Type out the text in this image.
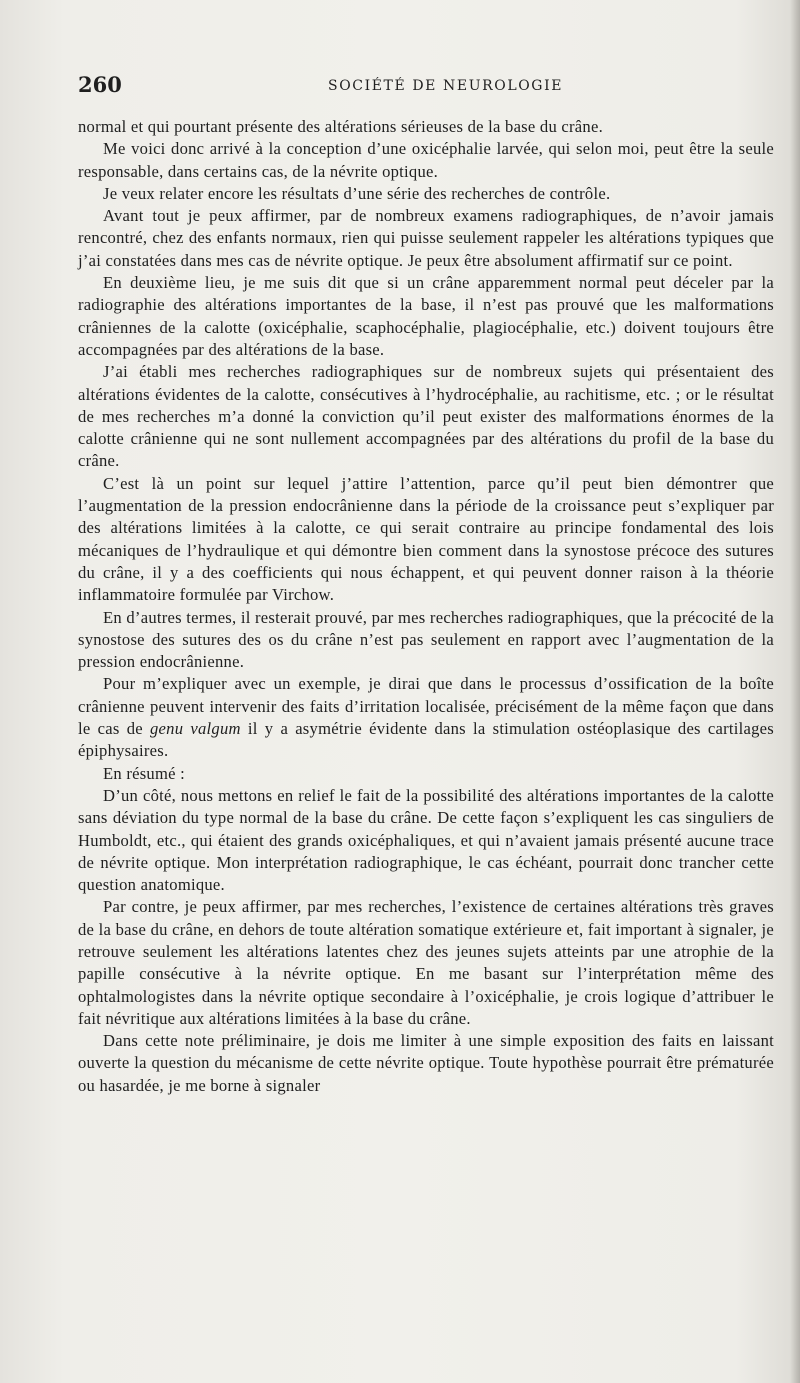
260	SOCIÉTÉ DE NEUROLOGIE

normal et qui pourtant présente des altérations sérieuses de la base du crâne.

Me voici donc arrivé à la conception d’une oxicéphalie larvée, qui selon moi, peut être la seule responsable, dans certains cas, de la névrite optique.

Je veux relater encore les résultats d’une série des recherches de contrôle.

Avant tout je peux affirmer, par de nombreux examens radiographiques, de n’avoir jamais rencontré, chez des enfants normaux, rien qui puisse seulement rappeler les altérations typiques que j’ai constatées dans mes cas de névrite optique. Je peux être absolument affirmatif sur ce point.

En deuxième lieu, je me suis dit que si un crâne apparemment normal peut déceler par la radiographie des altérations importantes de la base, il n’est pas prouvé que les malformations crâniennes de la calotte (oxicéphalie, scaphocéphalie, plagiocéphalie, etc.) doivent toujours être accompagnées par des altérations de la base.

J’ai établi mes recherches radiographiques sur de nombreux sujets qui présentaient des altérations évidentes de la calotte, consécutives à l’hydrocéphalie, au rachitisme, etc. ; or le résultat de mes recherches m’a donné la conviction qu’il peut exister des malformations énormes de la calotte crânienne qui ne sont nullement accompagnées par des altérations du profil de la base du crâne.

C’est là un point sur lequel j’attire l’attention, parce qu’il peut bien démontrer que l’augmentation de la pression endocrânienne dans la période de la croissance peut s’expliquer par des altérations limitées à la calotte, ce qui serait contraire au principe fondamental des lois mécaniques de l’hydraulique et qui démontre bien comment dans la synostose précoce des sutures du crâne, il y a des coefficients qui nous échappent, et qui peuvent donner raison à la théorie inflammatoire formulée par Virchow.

En d’autres termes, il resterait prouvé, par mes recherches radiographiques, que la précocité de la synostose des sutures des os du crâne n’est pas seulement en rapport avec l’augmentation de la pression endocrânienne.

Pour m’expliquer avec un exemple, je dirai que dans le processus d’ossification de la boîte crânienne peuvent intervenir des faits d’irritation localisée, précisément de la même façon que dans le cas de genu valgum il y a asymétrie évidente dans la stimulation ostéoplasique des cartilages épiphysaires.

En résumé :

D’un côté, nous mettons en relief le fait de la possibilité des altérations importantes de la calotte sans déviation du type normal de la base du crâne. De cette façon s’expliquent les cas singuliers de Humboldt, etc., qui étaient des grands oxicéphaliques, et qui n’avaient jamais présenté aucune trace de névrite optique. Mon interprétation radiographique, le cas échéant, pourrait donc trancher cette question anatomique.

Par contre, je peux affirmer, par mes recherches, l’existence de certaines altérations très graves de la base du crâne, en dehors de toute altération somatique extérieure et, fait important à signaler, je retrouve seulement les altérations latentes chez des jeunes sujets atteints par une atrophie de la papille consécutive à la névrite optique. En me basant sur l’interprétation même des ophtalmologistes dans la névrite optique secondaire à l’oxicéphalie, je crois logique d’attribuer le fait névritique aux altérations limitées à la base du crâne.

Dans cette note préliminaire, je dois me limiter à une simple exposition des faits en laissant ouverte la question du mécanisme de cette névrite optique. Toute hypothèse pourrait être prématurée ou hasardée, je me borne à signaler
